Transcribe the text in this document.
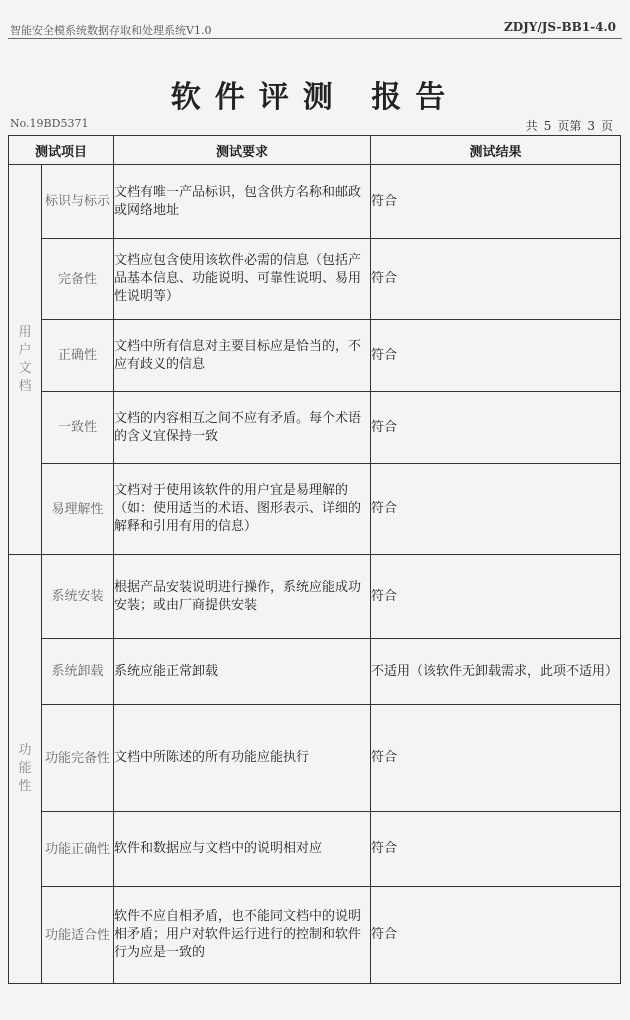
智能安全模系统数据存取和处理系统V1.0	ZDJY/JS-BB1-4.0
软件评测 报告
No.19BD5371	共 5 页第 3 页
测试项目		测试要求	测试结果

用户文档	标识与标示	文档有唯一产品标识，包含供方名称和邮政或网络地址	符合
	完备性	文档应包含使用该软件必需的信息（包括产品基本信息、功能说明、可靠性说明、易用性说明等）	符合
	正确性	文档中所有信息对主要目标应是恰当的，不应有歧义的信息	符合
	一致性	文档的内容相互之间不应有矛盾。每个术语的含义宜保持一致	符合
	易理解性	文档对于使用该软件的用户宜是易理解的（如：使用适当的术语、图形表示、详细的解释和引用有用的信息）	符合

功能性	系统安装	根据产品安装说明进行操作，系统应能成功安装；或由厂商提供安装	符合
	系统卸载	系统应能正常卸载	不适用（该软件无卸载需求，此项不适用）
	功能完备性	文档中所陈述的所有功能应能执行	符合
	功能正确性	软件和数据应与文档中的说明相对应	符合
	功能适合性	软件不应自相矛盾，也不能同文档中的说明相矛盾；用户对软件运行进行的控制和软件行为应是一致的	符合
